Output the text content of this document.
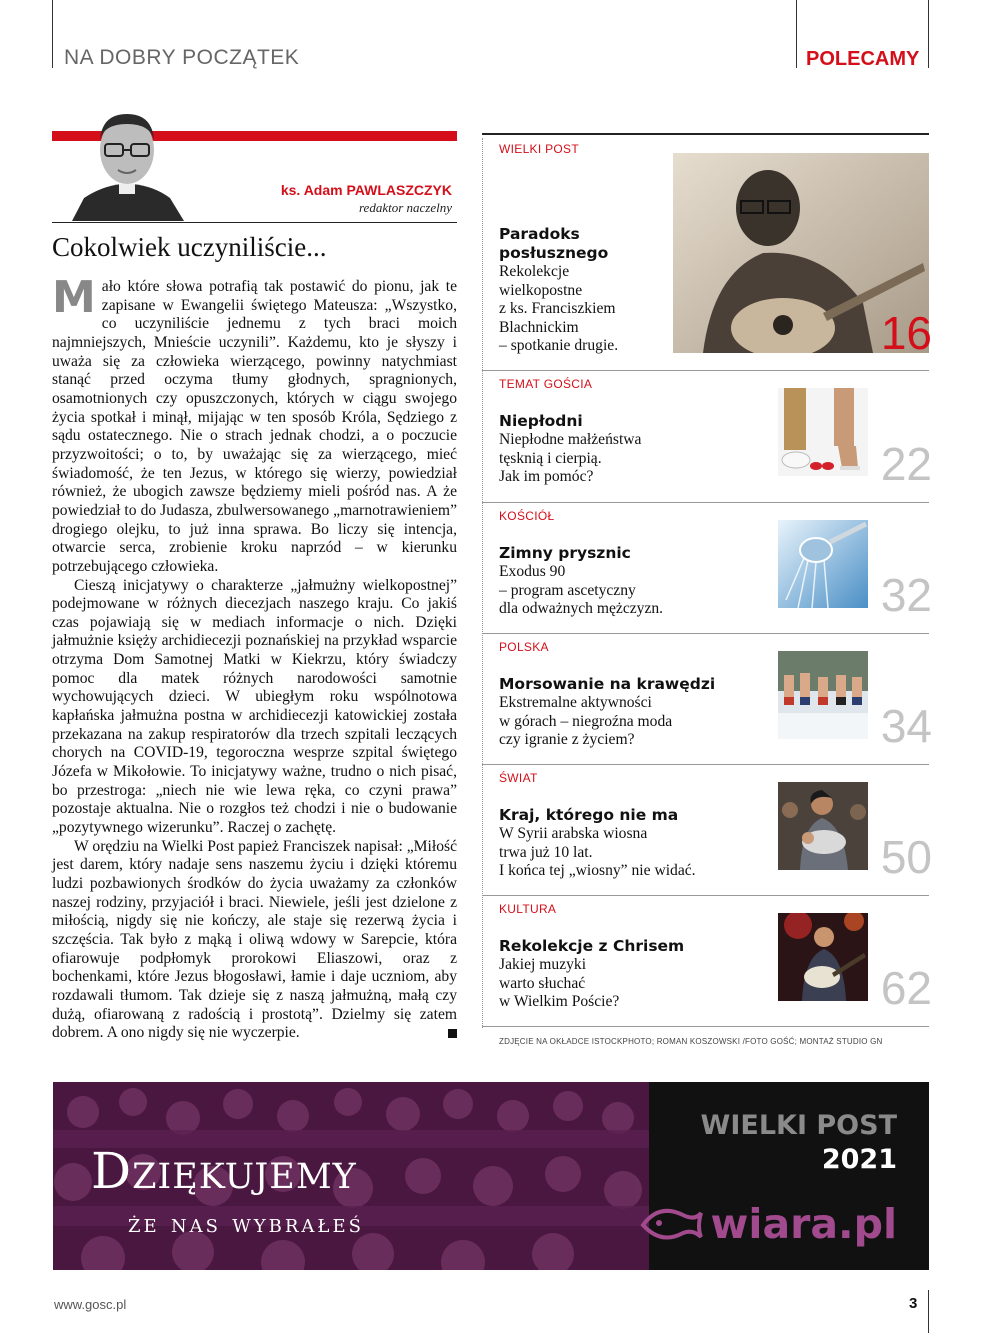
NA DOBRY POCZĄTEK	POLECAMY
ks. Adam PAWLASZCZYK
redaktor naczelny
Cokolwiek uczyniliście...

Mało które słowa potrafią tak postawić do pionu, jak te zapisane w Ewangelii świętego Mateusza: „Wszystko, co uczyniliście jednemu z tych braci moich najmniejszych, Mnieście uczynili”. Każdemu, kto je słyszy i uważa się za człowieka wierzącego, powinny natychmiast stanąć przed oczyma tłumy głodnych, spragnionych, osamotnionych czy opuszczonych, których w ciągu swojego życia spotkał i minął, mijając w ten sposób Króla, Sędziego z sądu ostatecznego. Nie o strach jednak chodzi, a o poczucie przyzwoitości; o to, by uważając się za wierzącego, mieć świadomość, że ten Jezus, w którego się wierzy, powiedział również, że ubogich zawsze będziemy mieli pośród nas. A że powiedział to do Judasza, zbulwersowanego „marnotrawieniem” drogiego olejku, to już inna sprawa. Bo liczy się intencja, otwarcie serca, zrobienie kroku naprzód – w kierunku potrzebującego człowieka.

Cieszą inicjatywy o charakterze „jałmużny wielkopostnej” podejmowane w różnych diecezjach naszego kraju. Co jakiś czas pojawiają się w mediach informacje o nich. Dzięki jałmużnie księży archidiecezji poznańskiej na przykład wsparcie otrzyma Dom Samotnej Matki w Kiekrzu, który świadczy pomoc dla matek różnych narodowości samotnie wychowujących dzieci. W ubiegłym roku wspólnotowa kapłańska jałmużna postna w archidiecezji katowickiej została przekazana na zakup respiratorów dla trzech szpitali leczących chorych na COVID-19, tegoroczna wesprze szpital świętego Józefa w Mikołowie. To inicjatywy ważne, trudno o nich pisać, bo przestroga: „niech nie wie lewa ręka, co czyni prawa” pozostaje aktualna. Nie o rozgłos też chodzi i nie o budowanie „pozytywnego wizerunku”. Raczej o zachętę.

W orędziu na Wielki Post papież Franciszek napisał: „Miłość jest darem, który nadaje sens naszemu życiu i dzięki któremu ludzi pozbawionych środków do życia uważamy za członków naszej rodziny, przyjaciół i braci. Niewiele, jeśli jest dzielone z miłością, nigdy się nie kończy, ale staje się rezerwą życia i szczęścia. Tak było z mąką i oliwą wdowy w Sarepcie, która ofiarowuje podpłomyk prorokowi Eliaszowi, oraz z bochenkami, które Jezus błogosławi, łamie i daje uczniom, aby rozdawali tłumom. Tak dzieje się z naszą jałmużną, małą czy dużą, ofiarowaną z radością i prostotą”. Dzielmy się zatem dobrem. A ono nigdy się nie wyczerpie.

WIELKI POST
Paradoks posłusznego
Rekolekcje
wielkopostne
z ks. Franciszkiem
Blachnickim
– spotkanie drugie.	16
TEMAT GOŚCIA
Niepłodni
Niepłodne małżeństwa
tęsknią i cierpią.
Jak im pomóc?	22
KOŚCIÓŁ
Zimny prysznic
Exodus 90
– program ascetyczny
dla odważnych mężczyzn.	32
POLSKA
Morsowanie na krawędzi
Ekstremalne aktywności
w górach – niegroźna moda
czy igranie z życiem?	34
ŚWIAT
Kraj, którego nie ma
W Syrii arabska wiosna
trwa już 10 lat.
I końca tej „wiosny” nie widać.	50
KULTURA
Rekolekcje z Chrisem
Jakiej muzyki
warto słuchać
w Wielkim Poście?	62
ZDJĘCIE NA OKŁADCE ISTOCKPHOTO; ROMAN KOSZOWSKI /FOTO GOŚĆ; MONTAŻ STUDIO GN
Dziękujemy
że nas wybrałeś
WIELKI POST
2021
wiara.pl
www.gosc.pl	3
